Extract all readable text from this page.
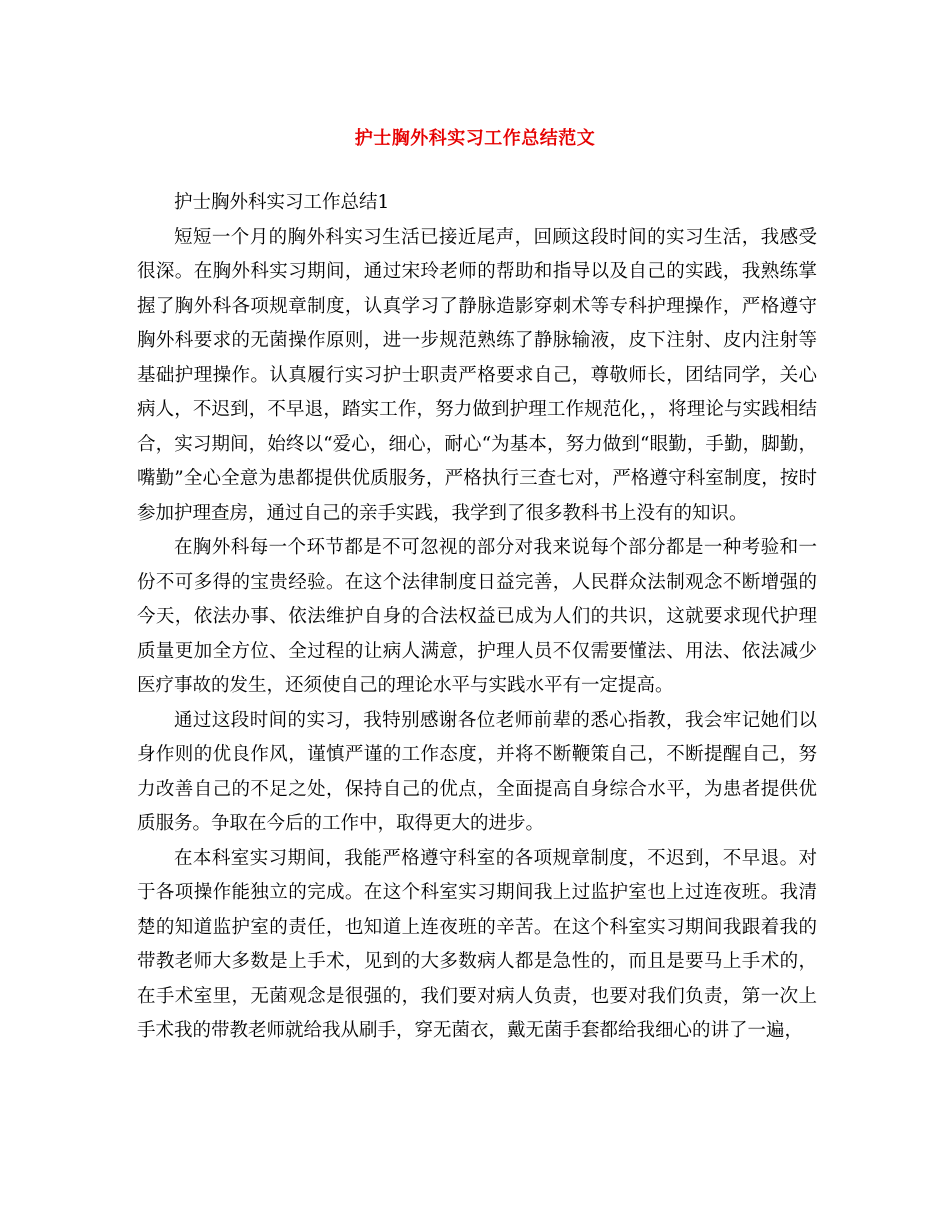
护士胸外科实习工作总结范文

护士胸外科实习工作总结1

短短一个月的胸外科实习生活已接近尾声，回顾这段时间的实习生活，我感受很深。在胸外科实习期间，通过宋玲老师的帮助和指导以及自己的实践，我熟练掌握了胸外科各项规章制度，认真学习了静脉造影穿刺术等专科护理操作，严格遵守胸外科要求的无菌操作原则，进一步规范熟练了静脉输液，皮下注射、皮内注射等基础护理操作。认真履行实习护士职责严格要求自己，尊敬师长，团结同学，关心病人，不迟到，不早退，踏实工作，努力做到护理工作规范化，，将理论与实践相结合，实习期间，始终以“爱心，细心，耐心“为基本，努力做到“眼勤，手勤，脚勤，嘴勤”全心全意为患都提供优质服务，严格执行三查七对，严格遵守科室制度，按时参加护理查房，通过自己的亲手实践，我学到了很多教科书上没有的知识。

在胸外科每一个环节都是不可忽视的部分对我来说每个部分都是一种考验和一份不可多得的宝贵经验。在这个法律制度日益完善，人民群众法制观念不断增强的今天，依法办事、依法维护自身的合法权益已成为人们的共识，这就要求现代护理质量更加全方位、全过程的让病人满意，护理人员不仅需要懂法、用法、依法减少医疗事故的发生，还须使自己的理论水平与实践水平有一定提高。

通过这段时间的实习，我特别感谢各位老师前辈的悉心指教，我会牢记她们以身作则的优良作风，谨慎严谨的工作态度，并将不断鞭策自己，不断提醒自己，努力改善自己的不足之处，保持自己的优点，全面提高自身综合水平，为患者提供优质服务。争取在今后的工作中，取得更大的进步。

在本科室实习期间，我能严格遵守科室的各项规章制度，不迟到，不早退。对于各项操作能独立的完成。在这个科室实习期间我上过监护室也上过连夜班。我清楚的知道监护室的责任，也知道上连夜班的辛苦。在这个科室实习期间我跟着我的带教老师大多数是上手术，见到的大多数病人都是急性的，而且是要马上手术的，在手术室里，无菌观念是很强的，我们要对病人负责，也要对我们负责，第一次上手术我的带教老师就给我从刷手，穿无菌衣，戴无菌手套都给我细心的讲了一遍，
